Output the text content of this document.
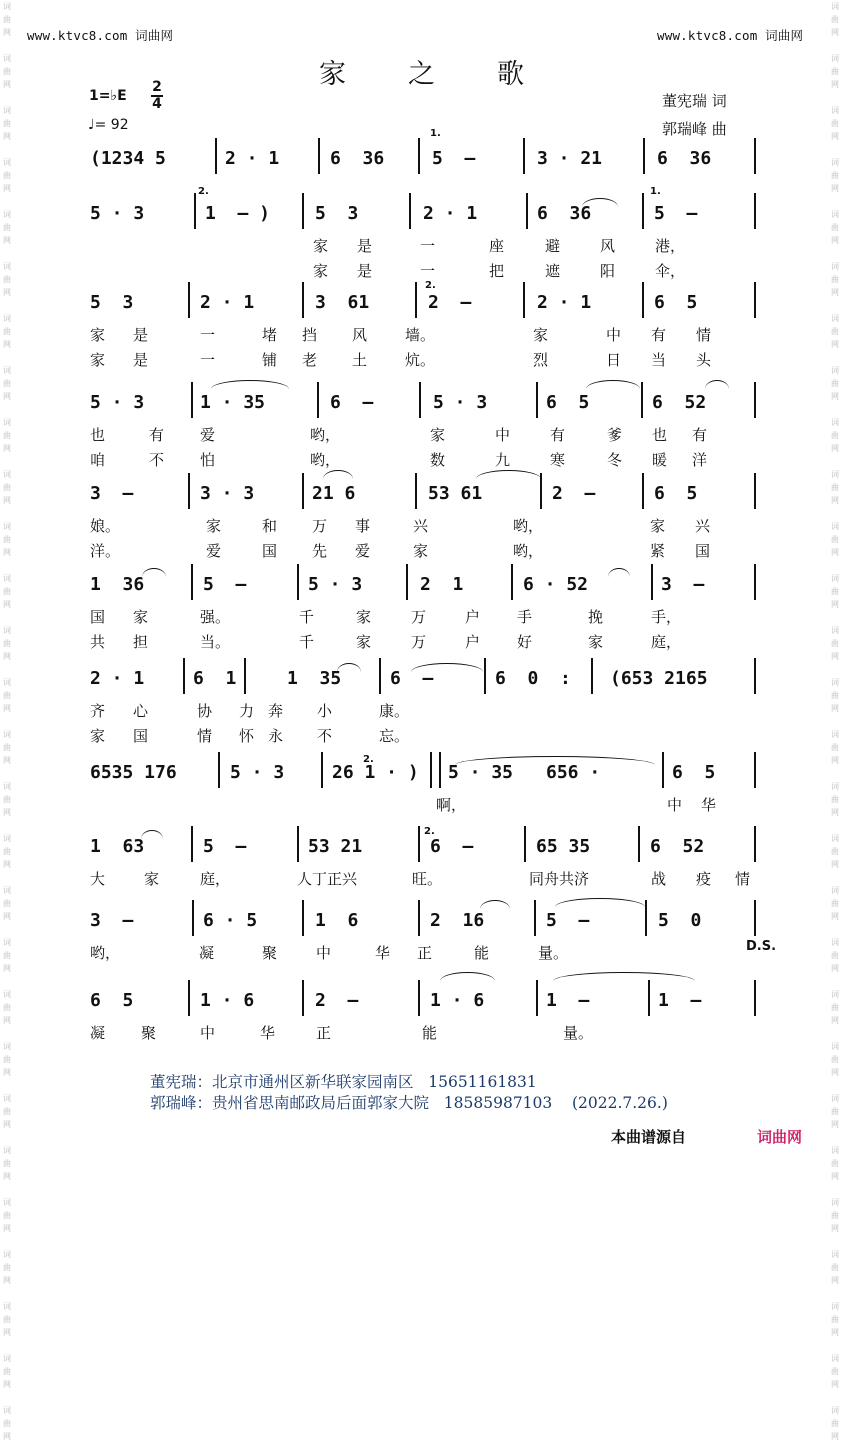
www.ktvc8.com 词曲网	www.ktvc8.com 词曲网
词
曲
网

词
曲
网

词
曲
网

词
曲
网

词
曲
网

词
曲
网

词
曲
网

词
曲
网

词
曲
网

词
曲
网

词
曲
网

词
曲
网

词
曲
网

词
曲
网

词
曲
网

词
曲
网

词
曲
网

词
曲
网

词
曲
网

词
曲
网

词
曲
网

词
曲
网

词
曲
网

词
曲
网

词
曲
网

词
曲
网

词
曲
网

词
曲
网

词
曲
网

词
曲
网

词
曲
网

词
曲
网

词
曲
网

词
曲
网

词
曲
网

词
曲
网

词
曲
网

词
曲
网

词
曲
网

词
曲
网

词
曲
网

词
曲
网

词
曲
网

词
曲
网

词
曲
网

词
曲
网

词
曲
网

词
曲
网

词
曲
网

词
曲
网

词
曲
网

词
曲
网

词
曲
网

词
曲
网

词
曲
网

词
曲
网

家之歌
1=♭E
2
4
♩= 92
董宪瑞 词
郭瑞峰 曲
(1234 5	2 · 1	6  36	5  –	3 · 21	6  36
5 · 3	1  – ) 5  3	2 · 1	6  36	5  –
家 是	一	座	避	风	港，
家 是	一	把	遮	阳	伞，
5  3	2 · 1	3  61	2  –	2 · 1	6  5
家 是	一	堵 挡 风	墙。	家	中 有 情
家 是	一	铺 老 土	炕。	烈	日 当 头
5 · 3	1 · 35	6  –	5 · 3	6  5	6  52
也	有 爱	哟，	家	中	有	爹 也 有
咱	不 怕	哟，	数	九	寒	冬 暖 洋
3  –	3 · 3	21 6	53 61	2  –	6  5
娘。	家	和 万 事	兴	哟，	家 兴
洋。	爱	国 先 爱	家	哟，	紧 国
1  36	5  –	5 · 3	2  1	6 · 52	3  –
国 家	强。	千	家	万	户 手	挽	手，
共 担	当。	千	家	万	户 好	家	庭，
2 · 1	6  1	1  35	6  –	6  0  : (653 2165
齐 心	协 力 奔 小	康。
家 国	情 怀 永 不	忘。
6535 176	5 · 3	26 1 · ) 5 · 35 656 ·	6  5
啊，	中 华
1  63	5  –	53 21	6  –	65 35	6  52
大	家	庭，	人丁正兴	旺。	同舟共济	战 疫 情
3  –	6 · 5	1  6	2  16	5  –	5  0
哟，	凝	聚	中	华 正	能	量。
6  5	1 · 6	2  –	1 · 6	1  –	1  –
凝 聚	中	华	正	能	量。
2.
1.
1.
2.
2.
2.
D.S.
董宪瑞：北京市通州区新华联家园南区   15651161831
郭瑞峰：贵州省思南邮政局后面郭家大院   18585987103    (2022.7.26.)
本曲谱源自	词曲网
